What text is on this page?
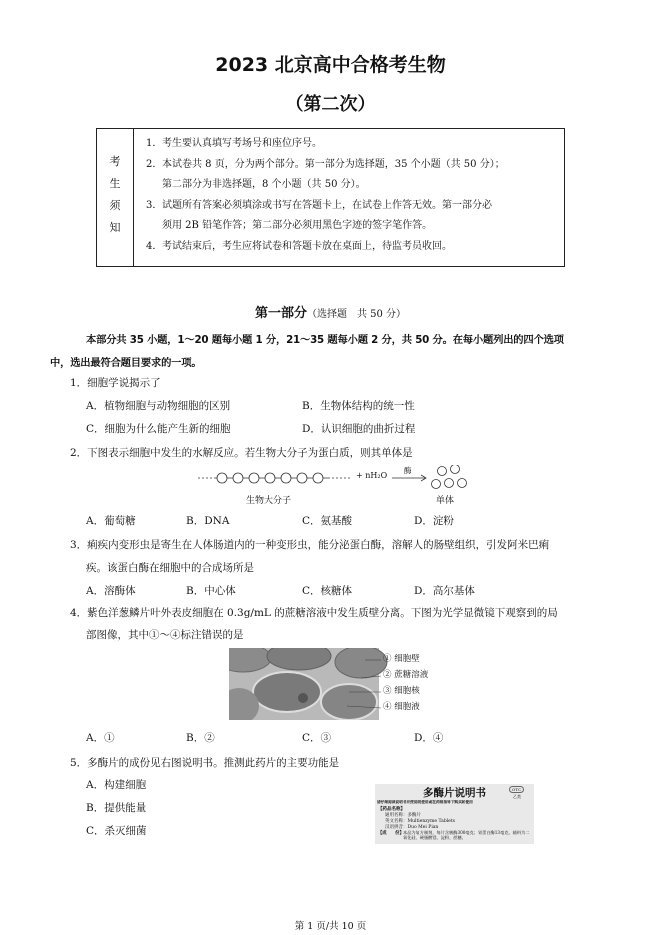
2023 北京高中合格考生物
（第二次）
考
生
须
知
1． 考生要认真填写考场号和座位序号。
2． 本试卷共 8 页，分为两个部分。第一部分为选择题，35 个小题（共 50 分）；
第二部分为非选择题，8 个小题（共 50 分）。
3． 试题所有答案必须填涂或书写在答题卡上，在试卷上作答无效。第一部分必
须用 2B 铅笔作答；第二部分必须用黑色字迹的签字笔作答。
4． 考试结束后，考生应将试卷和答题卡放在桌面上，待监考员收回。
第一部分（选择题　共 50 分）

本部分共 35 小题，1～20 题每小题 1 分，21～35 题每小题 2 分，共 50 分。在每小题列出的四个选项

中，选出最符合题目要求的一项。

1．细胞学说揭示了
A．植物细胞与动物细胞的区别	B．生物体结构的统一性
C．细胞为什么能产生新的细胞	D．认识细胞的曲折过程
2．下图表示细胞中发生的水解反应。若生物大分子为蛋白质，则其单体是
+ nH₂O
酶
生物大分子	单体
A．葡萄糖	B．DNA	C．氨基酸	D．淀粉
3．痢疾内变形虫是寄生在人体肠道内的一种变形虫，能分泌蛋白酶，溶解人的肠壁组织，引发阿米巴痢
疾。该蛋白酶在细胞中的合成场所是
A．溶酶体	B．中心体	C．核糖体	D．高尔基体
4．紫色洋葱鳞片叶外表皮细胞在 0.3g/mL 的蔗糖溶液中发生质壁分离。下图为光学显微镜下观察到的局
部图像，其中①～④标注错误的是
① 细胞壁
② 蔗糖溶液
③ 细胞核
④ 细胞液
A．①	B．②	C．③	D．④
5．多酶片的成份见右图说明书。推测此药片的主要功能是
A．构建细胞
B．提供能量
C．杀灭细菌
多酶片说明书	OTC
乙类
请仔细阅读说明书并按说明使用或在药师指导下购买和使用
【药品名称】
通用名称：多酶片
英文名称：Multienzyme Tablets
汉语拼音：Duo Mei Pian
【成　　份】 本品为复方制剂，每片含胰酶300毫克；胃蛋白酶13毫克。辅料为二氧化硅、硬脂酸镁、淀粉、蔗糖。
第 1 页/共 10 页
